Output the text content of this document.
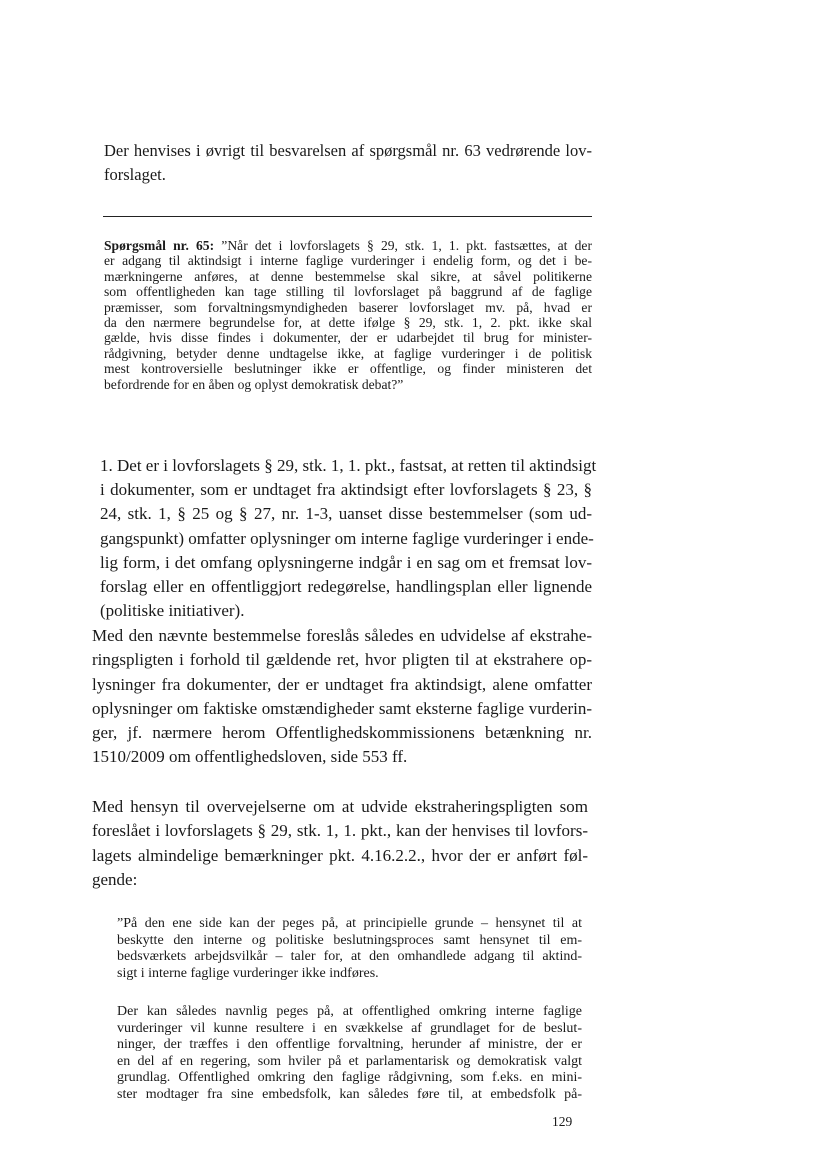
Der henvises i øvrigt til besvarelsen af spørgsmål nr. 63 vedrørende lov-
forslaget.
Spørgsmål nr. 65: ”Når det i lovforslagets § 29, stk. 1, 1. pkt. fastsættes, at der
er adgang til aktindsigt i interne faglige vurderinger i endelig form, og det i be-
mærkningerne anføres, at denne bestemmelse skal sikre, at såvel politikerne
som offentligheden kan tage stilling til lovforslaget på baggrund af de faglige
præmisser, som forvaltningsmyndigheden baserer lovforslaget mv. på, hvad er
da den nærmere begrundelse for, at dette ifølge § 29, stk. 1, 2. pkt. ikke skal
gælde, hvis disse findes i dokumenter, der er udarbejdet til brug for minister-
rådgivning, betyder denne undtagelse ikke, at faglige vurderinger i de politisk
mest kontroversielle beslutninger ikke er offentlige, og finder ministeren det
befordrende for en åben og oplyst demokratisk debat?”
1. Det er i lovforslagets § 29, stk. 1, 1. pkt., fastsat, at retten til aktindsigt
i dokumenter, som er undtaget fra aktindsigt efter lovforslagets § 23, §
24, stk. 1, § 25 og § 27, nr. 1-3, uanset disse bestemmelser (som ud-
gangspunkt) omfatter oplysninger om interne faglige vurderinger i ende-
lig form, i det omfang oplysningerne indgår i en sag om et fremsat lov-
forslag eller en offentliggjort redegørelse, handlingsplan eller lignende
(politiske initiativer).
Med den nævnte bestemmelse foreslås således en udvidelse af ekstrahe-
ringspligten i forhold til gældende ret, hvor pligten til at ekstrahere op-
lysninger fra dokumenter, der er undtaget fra aktindsigt, alene omfatter
oplysninger om faktiske omstændigheder samt eksterne faglige vurderin-
ger, jf. nærmere herom Offentlighedskommissionens betænkning nr.
1510/2009 om offentlighedsloven, side 553 ff.
Med hensyn til overvejelserne om at udvide ekstraheringspligten som
foreslået i lovforslagets § 29, stk. 1, 1. pkt., kan der henvises til lovfors-
lagets almindelige bemærkninger pkt. 4.16.2.2., hvor der er anført føl-
gende:
”På den ene side kan der peges på, at principielle grunde – hensynet til at
beskytte den interne og politiske beslutningsproces samt hensynet til em-
bedsværkets arbejdsvilkår – taler for, at den omhandlede adgang til aktind-
sigt i interne faglige vurderinger ikke indføres.
Der kan således navnlig peges på, at offentlighed omkring interne faglige
vurderinger vil kunne resultere i en svækkelse af grundlaget for de beslut-
ninger, der træffes i den offentlige forvaltning, herunder af ministre, der er
en del af en regering, som hviler på et parlamentarisk og demokratisk valgt
grundlag. Offentlighed omkring den faglige rådgivning, som f.eks. en mini-
ster modtager fra sine embedsfolk, kan således føre til, at embedsfolk på-
129
